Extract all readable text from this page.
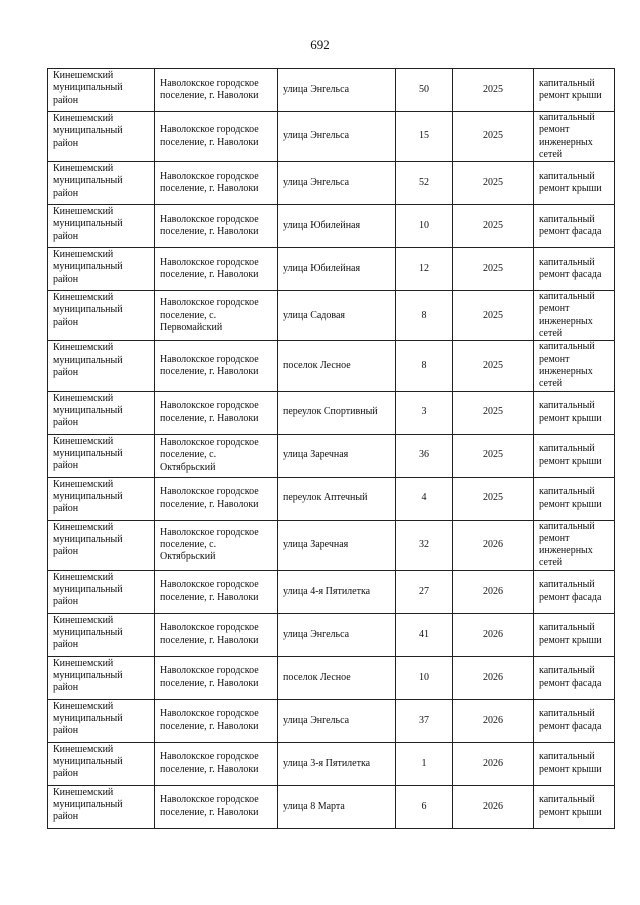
692
Кинешемский муниципальный район	Наволокское городское поселение, г. Наволоки	улица Энгельса	50	2025	капитальный ремонт крыши
Кинешемский муниципальный район	Наволокское городское поселение, г. Наволоки	улица Энгельса	15	2025	капитальный ремонт инженерных сетей
Кинешемский муниципальный район	Наволокское городское поселение, г. Наволоки	улица Энгельса	52	2025	капитальный ремонт крыши
Кинешемский муниципальный район	Наволокское городское поселение, г. Наволоки	улица Юбилейная	10	2025	капитальный ремонт фасада
Кинешемский муниципальный район	Наволокское городское поселение, г. Наволоки	улица Юбилейная	12	2025	капитальный ремонт фасада
Кинешемский муниципальный район	Наволокское городское поселение, с. Первомайский	улица Садовая	8	2025	капитальный ремонт инженерных сетей
Кинешемский муниципальный район	Наволокское городское поселение, г. Наволоки	поселок Лесное	8	2025	капитальный ремонт инженерных сетей
Кинешемский муниципальный район	Наволокское городское поселение, г. Наволоки	переулок Спортивный	3	2025	капитальный ремонт крыши
Кинешемский муниципальный район	Наволокское городское поселение, с. Октябрьский	улица Заречная	36	2025	капитальный ремонт крыши
Кинешемский муниципальный район	Наволокское городское поселение, г. Наволоки	переулок Аптечный	4	2025	капитальный ремонт крыши
Кинешемский муниципальный район	Наволокское городское поселение, с. Октябрьский	улица Заречная	32	2026	капитальный ремонт инженерных сетей
Кинешемский муниципальный район	Наволокское городское поселение, г. Наволоки	улица 4-я Пятилетка	27	2026	капитальный ремонт фасада
Кинешемский муниципальный район	Наволокское городское поселение, г. Наволоки	улица Энгельса	41	2026	капитальный ремонт крыши
Кинешемский муниципальный район	Наволокское городское поселение, г. Наволоки	поселок Лесное	10	2026	капитальный ремонт фасада
Кинешемский муниципальный район	Наволокское городское поселение, г. Наволоки	улица Энгельса	37	2026	капитальный ремонт фасада
Кинешемский муниципальный район	Наволокское городское поселение, г. Наволоки	улица 3-я Пятилетка	1	2026	капитальный ремонт крыши
Кинешемский муниципальный район	Наволокское городское поселение, г. Наволоки	улица 8 Марта	6	2026	капитальный ремонт крыши
